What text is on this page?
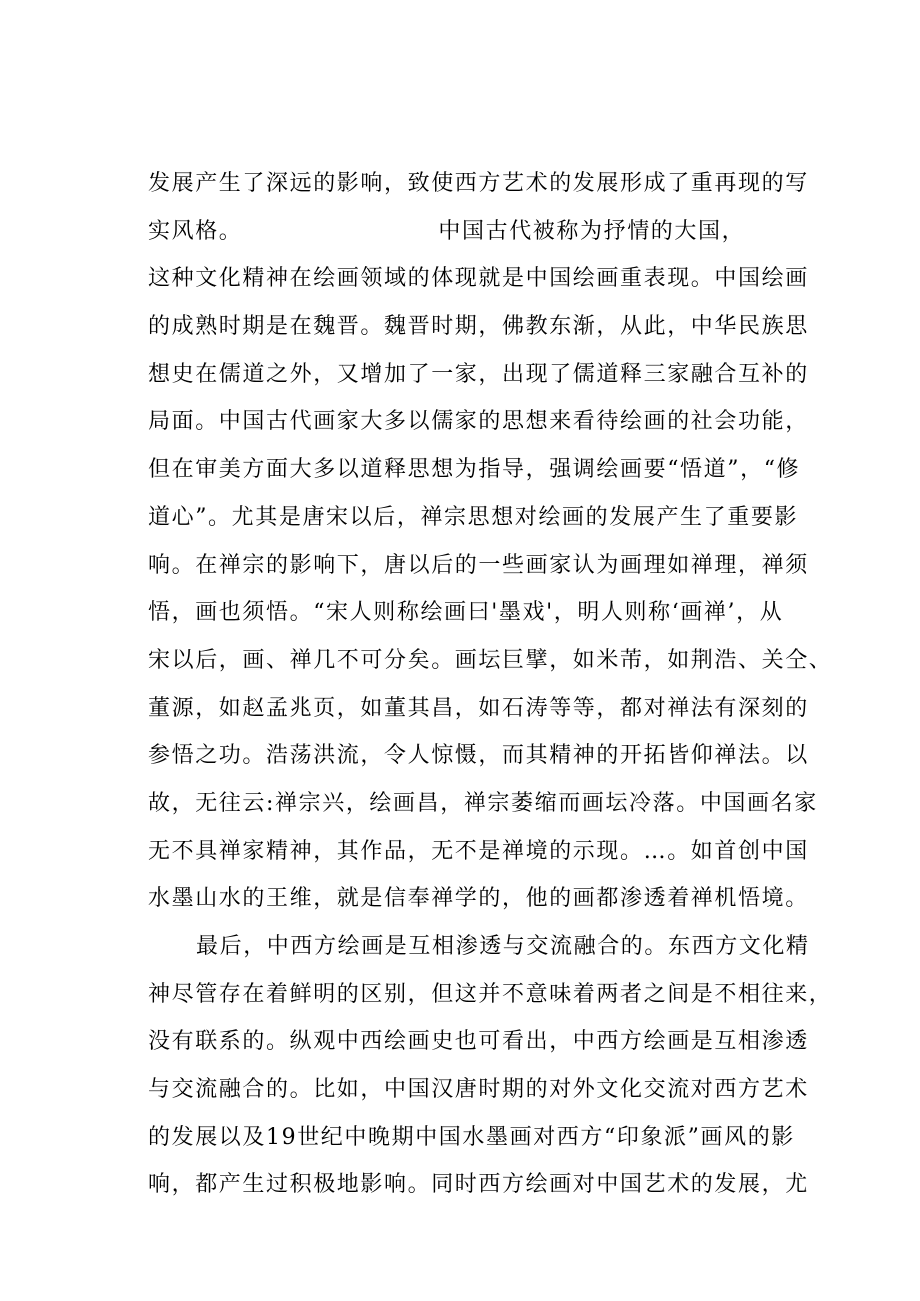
发展产生了深远的影响，致使西方艺术的发展形成了重再现的写
实风格。	中国古代被称为抒情的大国，
这种文化精神在绘画领域的体现就是中国绘画重表现。中国绘画
的成熟时期是在魏晋。魏晋时期，佛教东渐，从此，中华民族思
想史在儒道之外，又增加了一家，出现了儒道释三家融合互补的
局面。中国古代画家大多以儒家的思想来看待绘画的社会功能，
但在审美方面大多以道释思想为指导，强调绘画要“悟道”，“修
道心”。尤其是唐宋以后，禅宗思想对绘画的发展产生了重要影
响。在禅宗的影响下，唐以后的一些画家认为画理如禅理，禅须
悟，画也须悟。“宋人则称绘画曰'墨戏'，明人则称‘画禅’，从
宋以后，画、禅几不可分矣。画坛巨擘，如米芾，如荆浩、关仝、
董源，如赵孟兆页，如董其昌，如石涛等等，都对禅法有深刻的
参悟之功。浩荡洪流，令人惊慑，而其精神的开拓皆仰禅法。以
故，无往云:禅宗兴，绘画昌，禅宗萎缩而画坛冷落。中国画名家
无不具禅家精神，其作品，无不是禅境的示现。…。如首创中国
水墨山水的王维，就是信奉禅学的，他的画都渗透着禅机悟境。
最后，中西方绘画是互相渗透与交流融合的。东西方文化精
神尽管存在着鲜明的区别，但这并不意味着两者之间是不相往来，
没有联系的。纵观中西绘画史也可看出，中西方绘画是互相渗透
与交流融合的。比如，中国汉唐时期的对外文化交流对西方艺术
的发展以及19世纪中晚期中国水墨画对西方“印象派”画风的影
响，都产生过积极地影响。同时西方绘画对中国艺术的发展，尤
